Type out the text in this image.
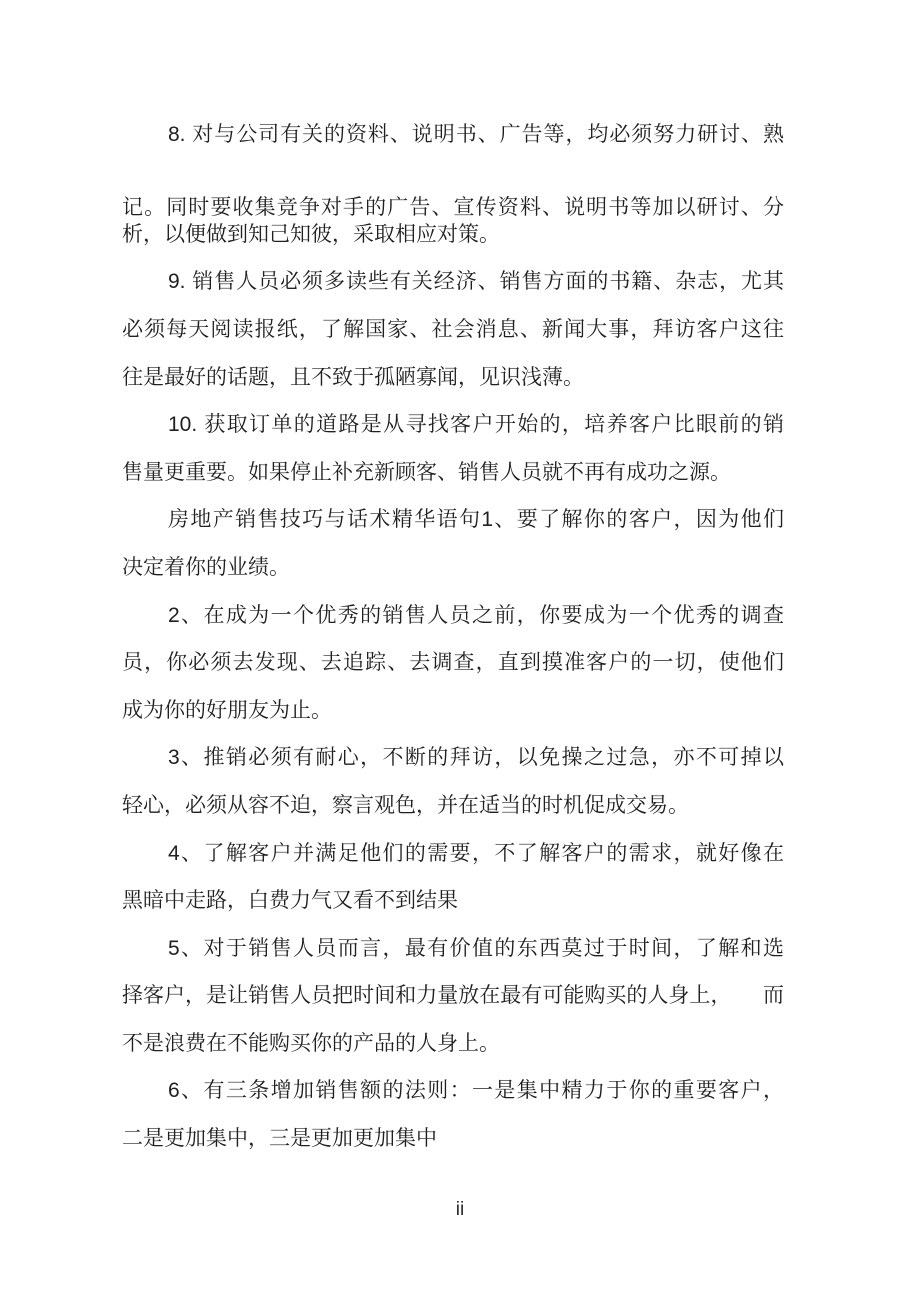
8. 对与公司有关的资料、说明书、广告等，均必须努力研讨、熟
记。同时要收集竞争对手的广告、宣传资料、说明书等加以研讨、分
析，以便做到知己知彼，采取相应对策。
9. 销售人员必须多读些有关经济、销售方面的书籍、杂志，尤其
必须每天阅读报纸，了解国家、社会消息、新闻大事，拜访客户这往
往是最好的话题，且不致于孤陋寡闻，见识浅薄。
10. 获取订单的道路是从寻找客户开始的，培养客户比眼前的销
售量更重要。如果停止补充新顾客、销售人员就不再有成功之源。
房地产销售技巧与话术精华语句1、要了解你的客户，因为他们
决定着你的业绩。
2、在成为一个优秀的销售人员之前，你要成为一个优秀的调查
员，你必须去发现、去追踪、去调查，直到摸准客户的一切，使他们
成为你的好朋友为止。
3、推销必须有耐心，不断的拜访，以免操之过急，亦不可掉以
轻心，必须从容不迫，察言观色，并在适当的时机促成交易。
4、了解客户并满足他们的需要，不了解客户的需求，就好像在
黑暗中走路，白费力气又看不到结果
5、对于销售人员而言，最有价值的东西莫过于时间，了解和选
择客户，是让销售人员把时间和力量放在最有可能购买的人身上，　　而
不是浪费在不能购买你的产品的人身上。
6、有三条增加销售额的法则：一是集中精力于你的重要客户，
二是更加集中，三是更加更加集中
ii
